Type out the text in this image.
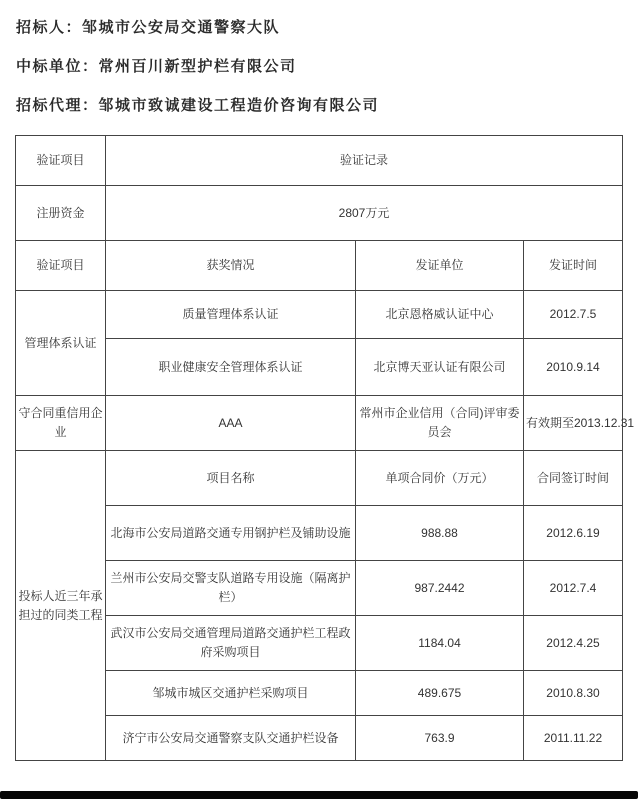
招标人：邹城市公安局交通警察大队

中标单位：常州百川新型护栏有限公司

招标代理：邹城市致诚建设工程造价咨询有限公司

验证项目	验证记录		
注册资金	2807万元		
验证项目	获奖情况	发证单位	发证时间
管理体系认证	质量管理体系认证	北京恩格威认证中心	2012.7.5
	职业健康安全管理体系认证	北京博天亚认证有限公司	2010.9.14
守合同重信用企业	AAA	常州市企业信用（合同)评审委员会	有效期至2013.12.31
投标人近三年承担过的同类工程	项目名称	单项合同价（万元）	合同签订时间
	北海市公安局道路交通专用钢护栏及铺助设施	988.88	2012.6.19
	兰州市公安局交警支队道路专用设施（隔离护栏）	987.2442	2012.7.4
	武汉市公安局交通管理局道路交通护栏工程政府采购项目	1184.04	2012.4.25
	邹城市城区交通护栏采购项目	489.675	2010.8.30
	济宁市公安局交通警察支队交通护栏设备	763.9	2011.11.22
